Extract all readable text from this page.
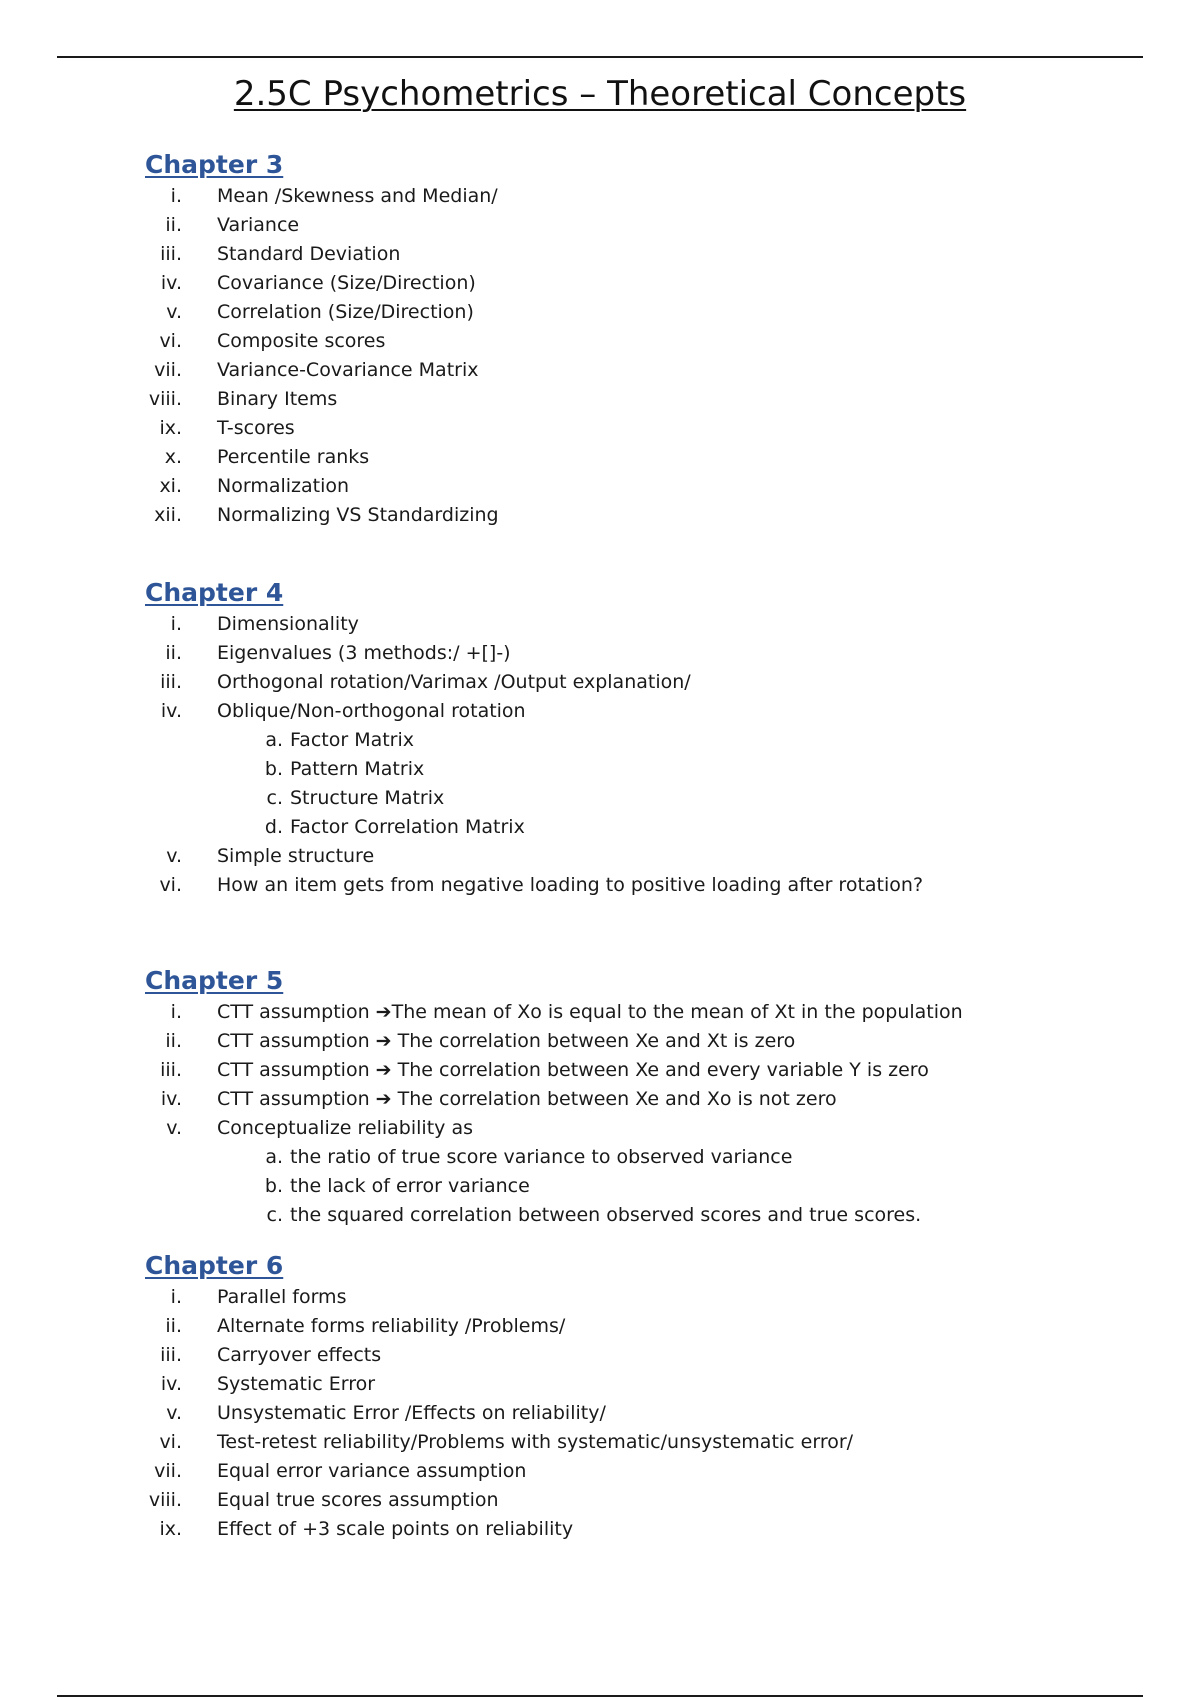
2.5C Psychometrics – Theoretical Concepts
Chapter 3
i. Mean /Skewness and Median/
ii. Variance
iii. Standard Deviation
iv. Covariance (Size/Direction)
v. Correlation (Size/Direction)
vi. Composite scores
vii. Variance-Covariance Matrix
viii. Binary Items
ix. T-scores
x. Percentile ranks
xi. Normalization
xii. Normalizing VS Standardizing
Chapter 4
i. Dimensionality
ii. Eigenvalues (3 methods:/ +[]-)
iii. Orthogonal rotation/Varimax /Output explanation/
iv. Oblique/Non-orthogonal rotation
a. Factor Matrix
b. Pattern Matrix
c. Structure Matrix
d. Factor Correlation Matrix
v. Simple structure
vi. How an item gets from negative loading to positive loading after rotation?
Chapter 5
i. CTT assumption ➔The mean of Xo is equal to the mean of Xt in the population
ii. CTT assumption ➔ The correlation between Xe and Xt is zero
iii. CTT assumption ➔ The correlation between Xe and every variable Y is zero
iv. CTT assumption ➔ The correlation between Xe and Xo is not zero
v. Conceptualize reliability as
a. the ratio of true score variance to observed variance
b. the lack of error variance
c. the squared correlation between observed scores and true scores.
Chapter 6
i. Parallel forms
ii. Alternate forms reliability /Problems/
iii. Carryover effects
iv. Systematic Error
v. Unsystematic Error /Effects on reliability/
vi. Test-retest reliability/Problems with systematic/unsystematic error/
vii. Equal error variance assumption
viii. Equal true scores assumption
ix. Effect of +3 scale points on reliability
